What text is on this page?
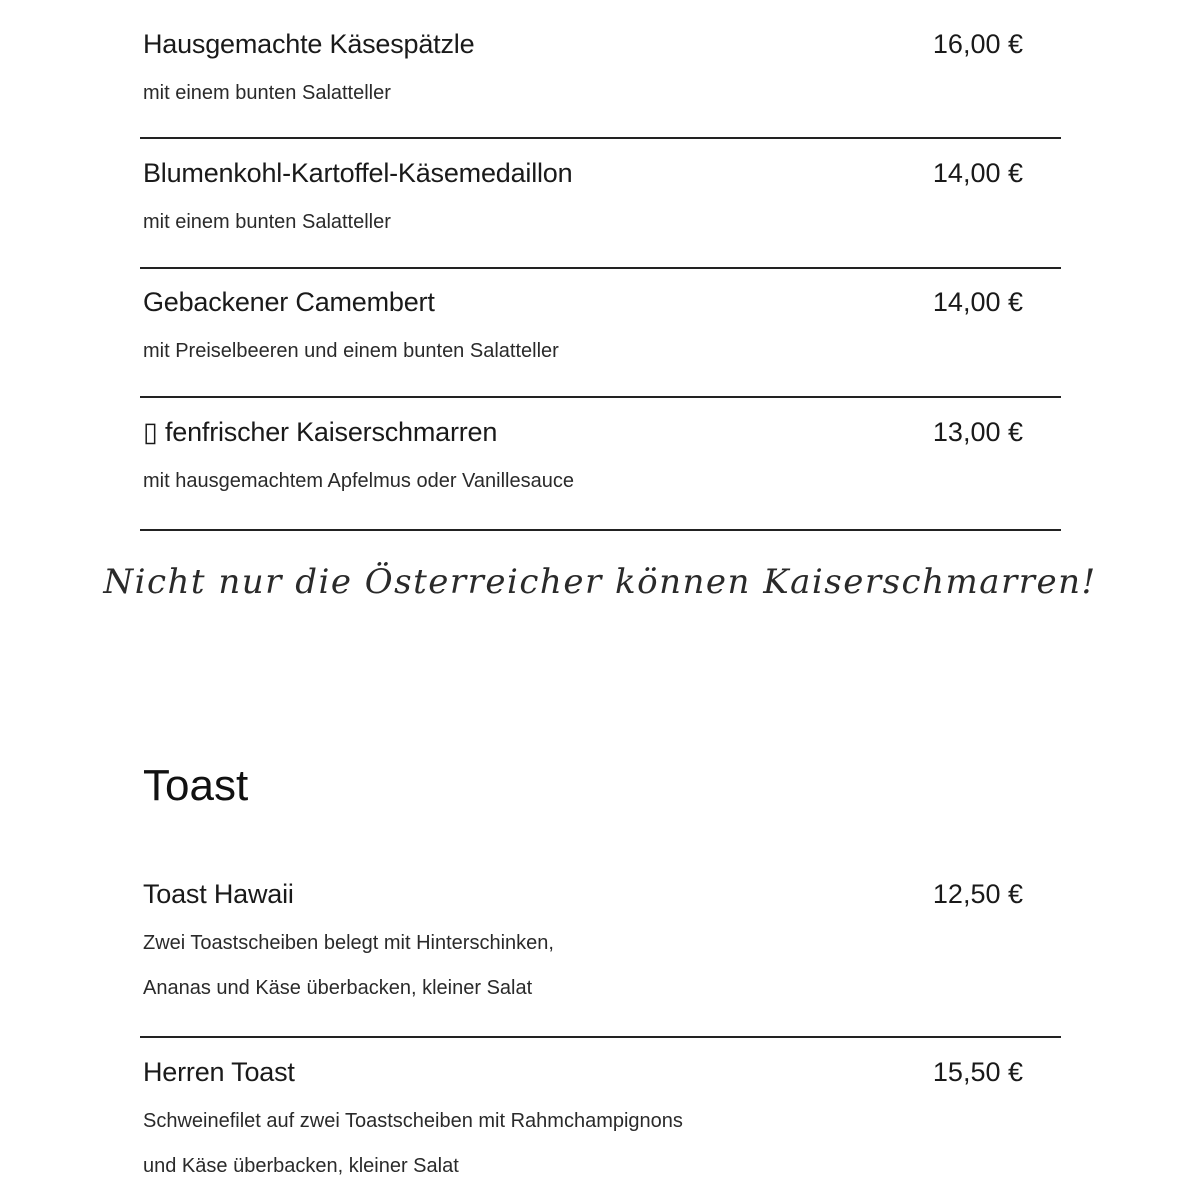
Hausgemachte Käsespätzle	16,00 €
mit einem bunten Salatteller
Blumenkohl-Kartoffel-Käsemedaillon	14,00 €
mit einem bunten Salatteller
Gebackener Camembert	14,00 €
mit Preiselbeeren und einem bunten Salatteller
▯ fenfrischer Kaiserschmarren	13,00 €
mit hausgemachtem Apfelmus oder Vanillesauce
Nicht nur die Österreicher können Kaiserschmarren!
Toast
Toast Hawaii	12,50 €
Zwei Toastscheiben belegt mit Hinterschinken,
Ananas und Käse überbacken, kleiner Salat
Herren Toast	15,50 €
Schweinefilet auf zwei Toastscheiben mit Rahmchampignons
und Käse überbacken, kleiner Salat
